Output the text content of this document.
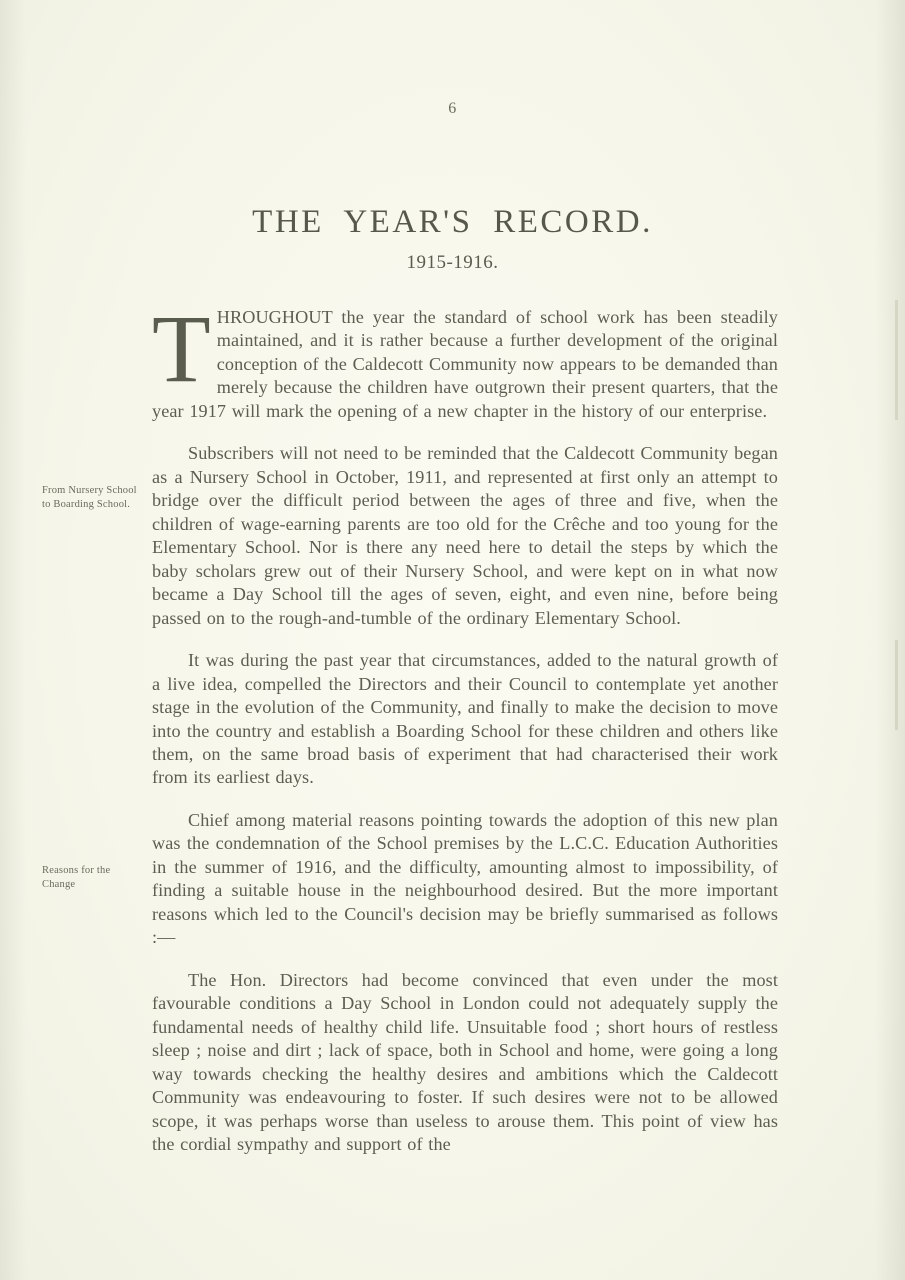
6
THE YEAR'S RECORD.
1915-1916.
From Nursery School to Boarding School.
Reasons for the Change

THROUGHOUT the year the standard of school work has been steadily maintained, and it is rather because a further development of the original conception of the Caldecott Community now appears to be demanded than merely because the children have outgrown their present quarters, that the year 1917 will mark the opening of a new chapter in the history of our enterprise.

Subscribers will not need to be reminded that the Caldecott Community began as a Nursery School in October, 1911, and represented at first only an attempt to bridge over the difficult period between the ages of three and five, when the children of wage-earning parents are too old for the Crêche and too young for the Elementary School. Nor is there any need here to detail the steps by which the baby scholars grew out of their Nursery School, and were kept on in what now became a Day School till the ages of seven, eight, and even nine, before being passed on to the rough-and-tumble of the ordinary Elementary School.

It was during the past year that circumstances, added to the natural growth of a live idea, compelled the Directors and their Council to contemplate yet another stage in the evolution of the Community, and finally to make the decision to move into the country and establish a Boarding School for these children and others like them, on the same broad basis of experiment that had characterised their work from its earliest days.

Chief among material reasons pointing towards the adoption of this new plan was the condemnation of the School premises by the L.C.C. Education Authorities in the summer of 1916, and the difficulty, amounting almost to impossibility, of finding a suitable house in the neighbourhood desired. But the more important reasons which led to the Council's decision may be briefly summarised as follows :—

The Hon. Directors had become convinced that even under the most favourable conditions a Day School in London could not adequately supply the fundamental needs of healthy child life. Unsuitable food ; short hours of restless sleep ; noise and dirt ; lack of space, both in School and home, were going a long way towards checking the healthy desires and ambitions which the Caldecott Community was endeavouring to foster. If such desires were not to be allowed scope, it was perhaps worse than useless to arouse them. This point of view has the cordial sympathy and support of the
